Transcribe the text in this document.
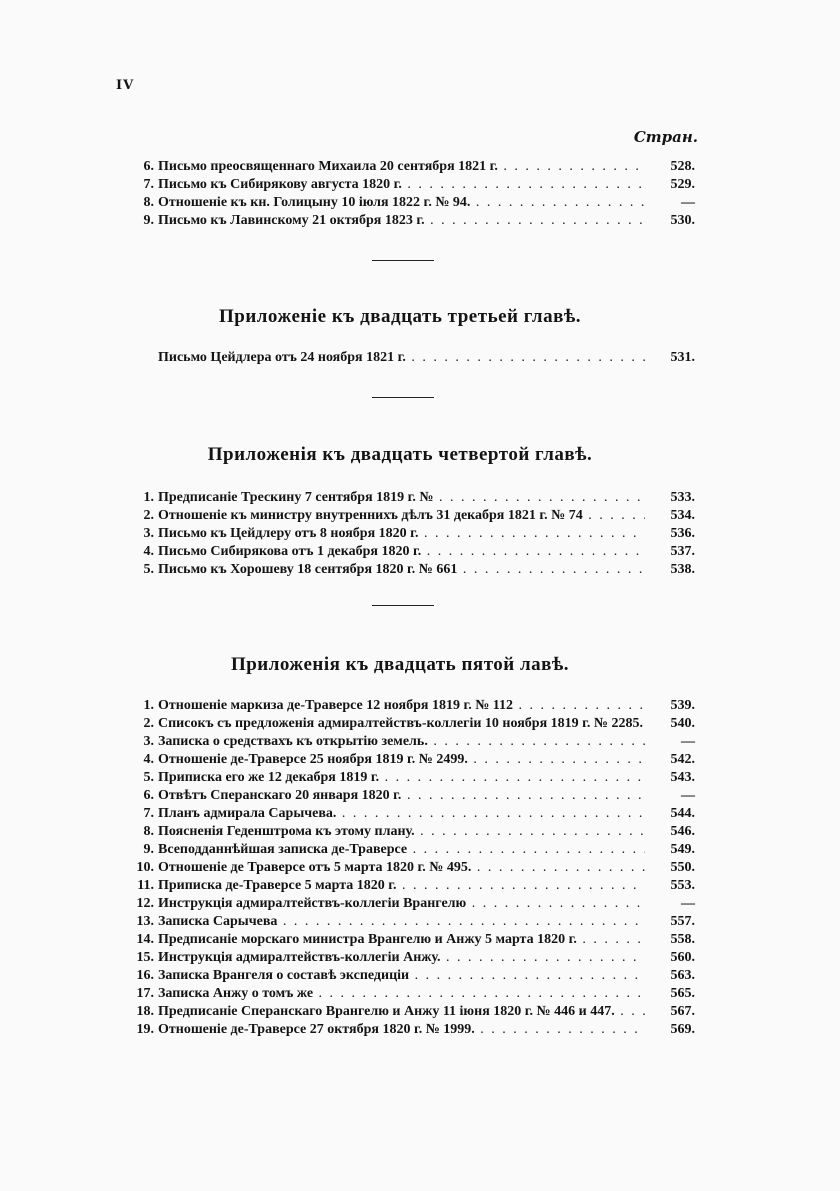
IV
Стран.
6. Письмо преосвященнаго Михаила 20 сентября 1821 г. . . .	528.
7. Письмо къ Сибирякову августа 1820 г. . . .	529.
8. Отношенiе къ кн. Голицыну 10 iюля 1822 г. № 94. . . .	—
9. Письмо къ Лавинскому 21 октября 1823 г. . . .	530.
Приложенiе къ двадцать третьей главѣ.
Письмо Цейдлера отъ 24 ноября 1821 г. . . .	531.
Приложенiя къ двадцать четвертой главѣ.
1. Предписанiе Трескину 7 сентября 1819 г. № . . .	533.
2. Отношенiе къ министру внутреннихъ дѣлъ 31 декабря 1821 г. № 74 . . .	534.
3. Письмо къ Цейдлеру отъ 8 ноября 1820 г. . . .	536.
4. Письмо Сибирякова отъ 1 декабря 1820 г. . . .	537.
5. Письмо къ Хорошеву 18 сентября 1820 г. № 661 . . .	538.
Приложенiя къ двадцать пятой лавѣ.
1. Отношенiе маркиза де-Траверсе 12 ноября 1819 г. № 112 . . .	539.
2. Списокъ съ предложенiя адмиралтействъ-коллегiи 10 ноября 1819 г. № 2285. . . .	540.
3. Записка о средствахъ къ открытiю земель. . . .	—
4. Отношенiе де-Траверсе 25 ноября 1819 г. № 2499. . . .	542.
5. Приписка его же 12 декабря 1819 г. . . .	543.
6. Отвѣтъ Сперанскаго 20 января 1820 г. . . .	—
7. Планъ адмирала Сарычева. . . .	544.
8. Поясненiя Геденштрома къ этому плану. . . .	546.
9. Всеподданнѣйшая записка де-Траверсе . . .	549.
10. Отношенiе де Траверсе отъ 5 марта 1820 г. № 495. . . .	550.
11. Приписка де-Траверсе 5 марта 1820 г. . . .	553.
12. Инструкцiя адмиралтействъ-коллегiи Врангелю . . .	—
13. Записка Сарычева . . .	557.
14. Предписанiе морскаго министра Врангелю и Анжу 5 марта 1820 г. . . .	558.
15. Инструкцiя адмиралтействъ-коллегiи Анжу. . . .	560.
16. Записка Врангеля о составѣ экспедицiи . . .	563.
17. Записка Анжу о томъ же . . .	565.
18. Предписанiе Сперанскаго Врангелю и Анжу 11 iюня 1820 г. № 446 и 447. . . .	567.
19. Отношенiе де-Траверсе 27 октября 1820 г. № 1999. . . .	569.
